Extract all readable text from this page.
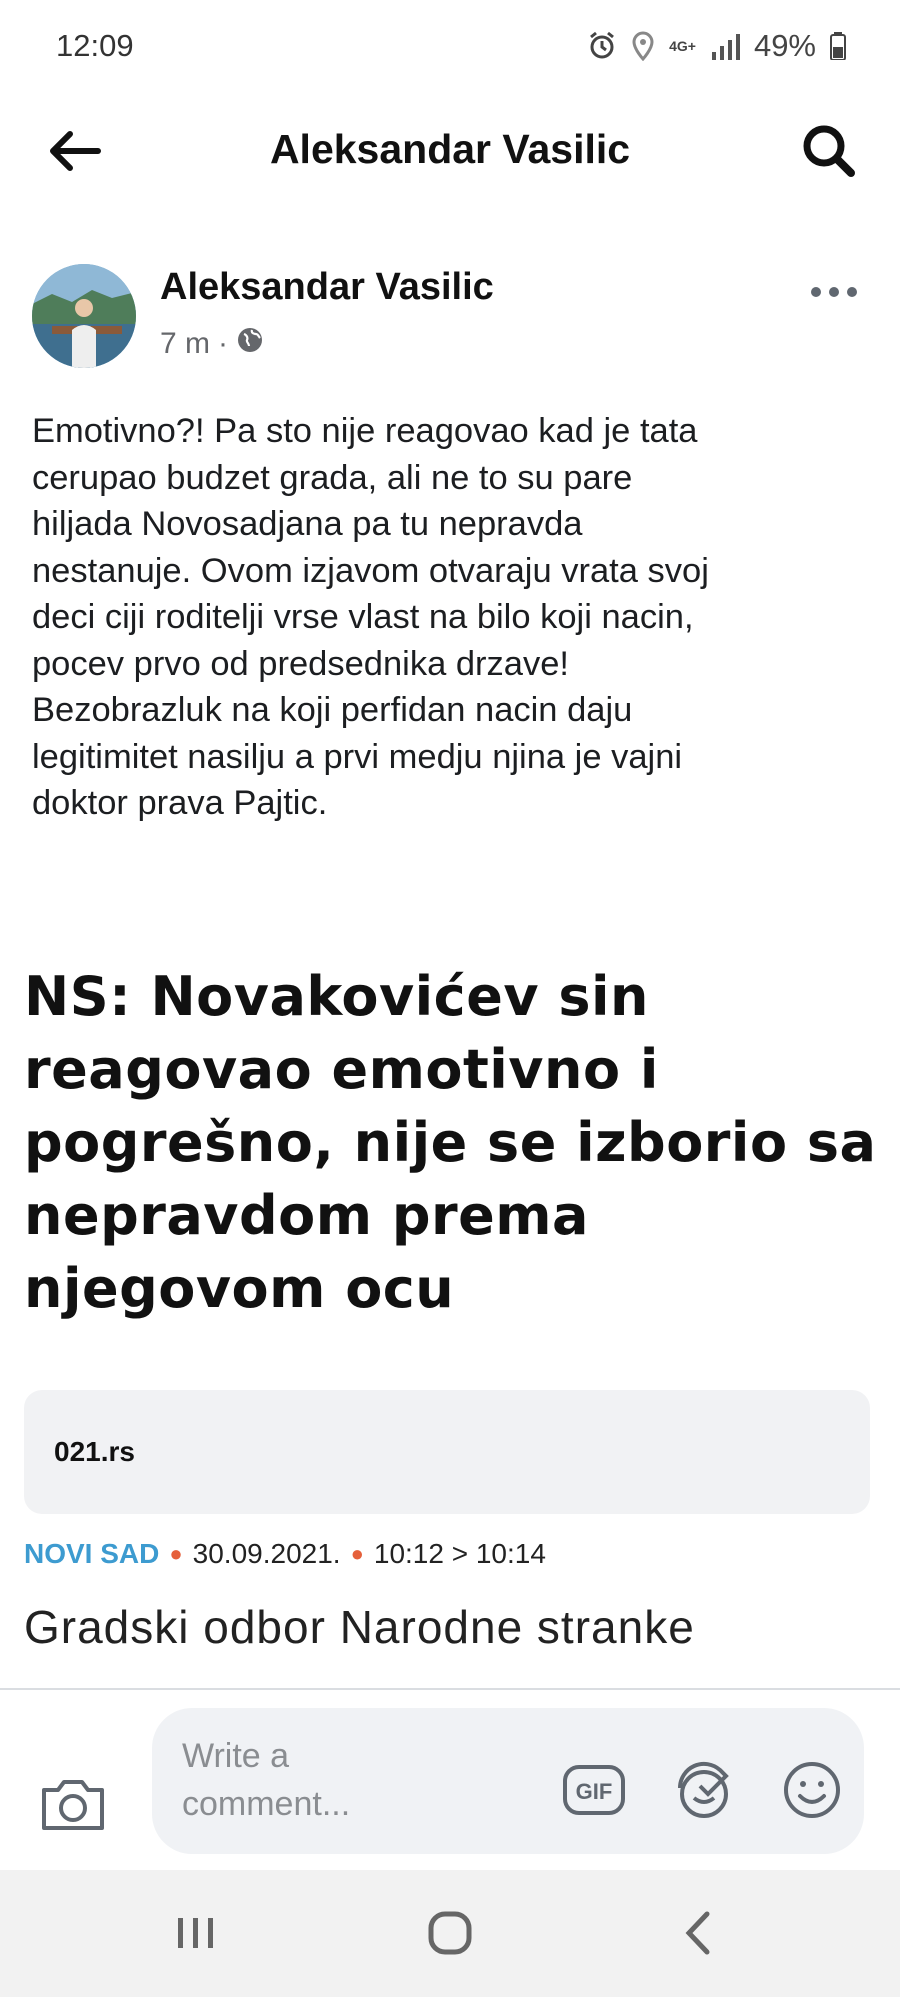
12:09	4G+ 49%
Aleksandar Vasilic
Aleksandar Vasilic
7 m ·
Emotivno?! Pa sto nije reagovao kad je tata
cerupao budzet grada, ali ne to su pare
hiljada Novosadjana pa tu nepravda
nestanuje. Ovom izjavom otvaraju vrata svoj
deci ciji roditelji vrse vlast na bilo koji nacin,
pocev prvo od predsednika drzave!
Bezobrazluk na koji perfidan nacin daju
legitimitet nasilju a prvi medju njina je vajni
doktor prava Pajtic.
NS: Novakovićev sin reagovao emotivno i pogrešno, nije se izborio sa nepravdom prema njegovom ocu
021.rs
NOVI SAD ● 30.09.2021. ● 10:12 > 10:14
Gradski odbor Narodne stranke
Write a comment...	GIF
